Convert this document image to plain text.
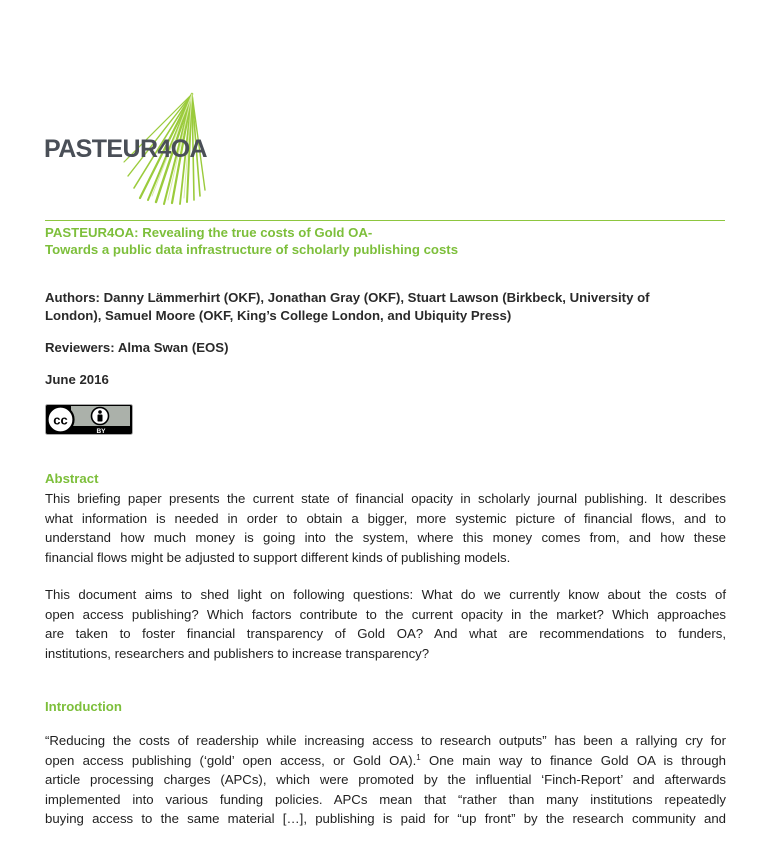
PASTEUR4OA
PASTEUR4OA: Revealing the true costs of Gold OA-
Towards a public data infrastructure of scholarly publishing costs
Authors: Danny Lämmerhirt (OKF), Jonathan Gray (OKF), Stuart Lawson (Birkbeck, University of
London), Samuel Moore (OKF, King’s College London, and Ubiquity Press)
Reviewers: Alma Swan (EOS)
June 2016
cc
BY
Abstract
This briefing paper presents the current state of financial opacity in scholarly journal publishing. It describes
what information is needed in order to obtain a bigger, more systemic picture of financial flows, and to
understand how much money is going into the system, where this money comes from, and how these
financial flows might be adjusted to support different kinds of publishing models.
This document aims to shed light on following questions: What do we currently know about the costs of
open access publishing? Which factors contribute to the current opacity in the market? Which approaches
are taken to foster financial transparency of Gold OA? And what are recommendations to funders,
institutions, researchers and publishers to increase transparency?
Introduction
“Reducing the costs of readership while increasing access to research outputs” has been a rallying cry for
open access publishing (‘gold’ open access, or Gold OA).$^1$ One main way to finance Gold OA is through
article processing charges (APCs), which were promoted by the influential ‘Finch-Report’ and afterwards
implemented into various funding policies. APCs mean that “rather than many institutions repeatedly
buying access to the same material […], publishing is paid for “up front” by the research community and
